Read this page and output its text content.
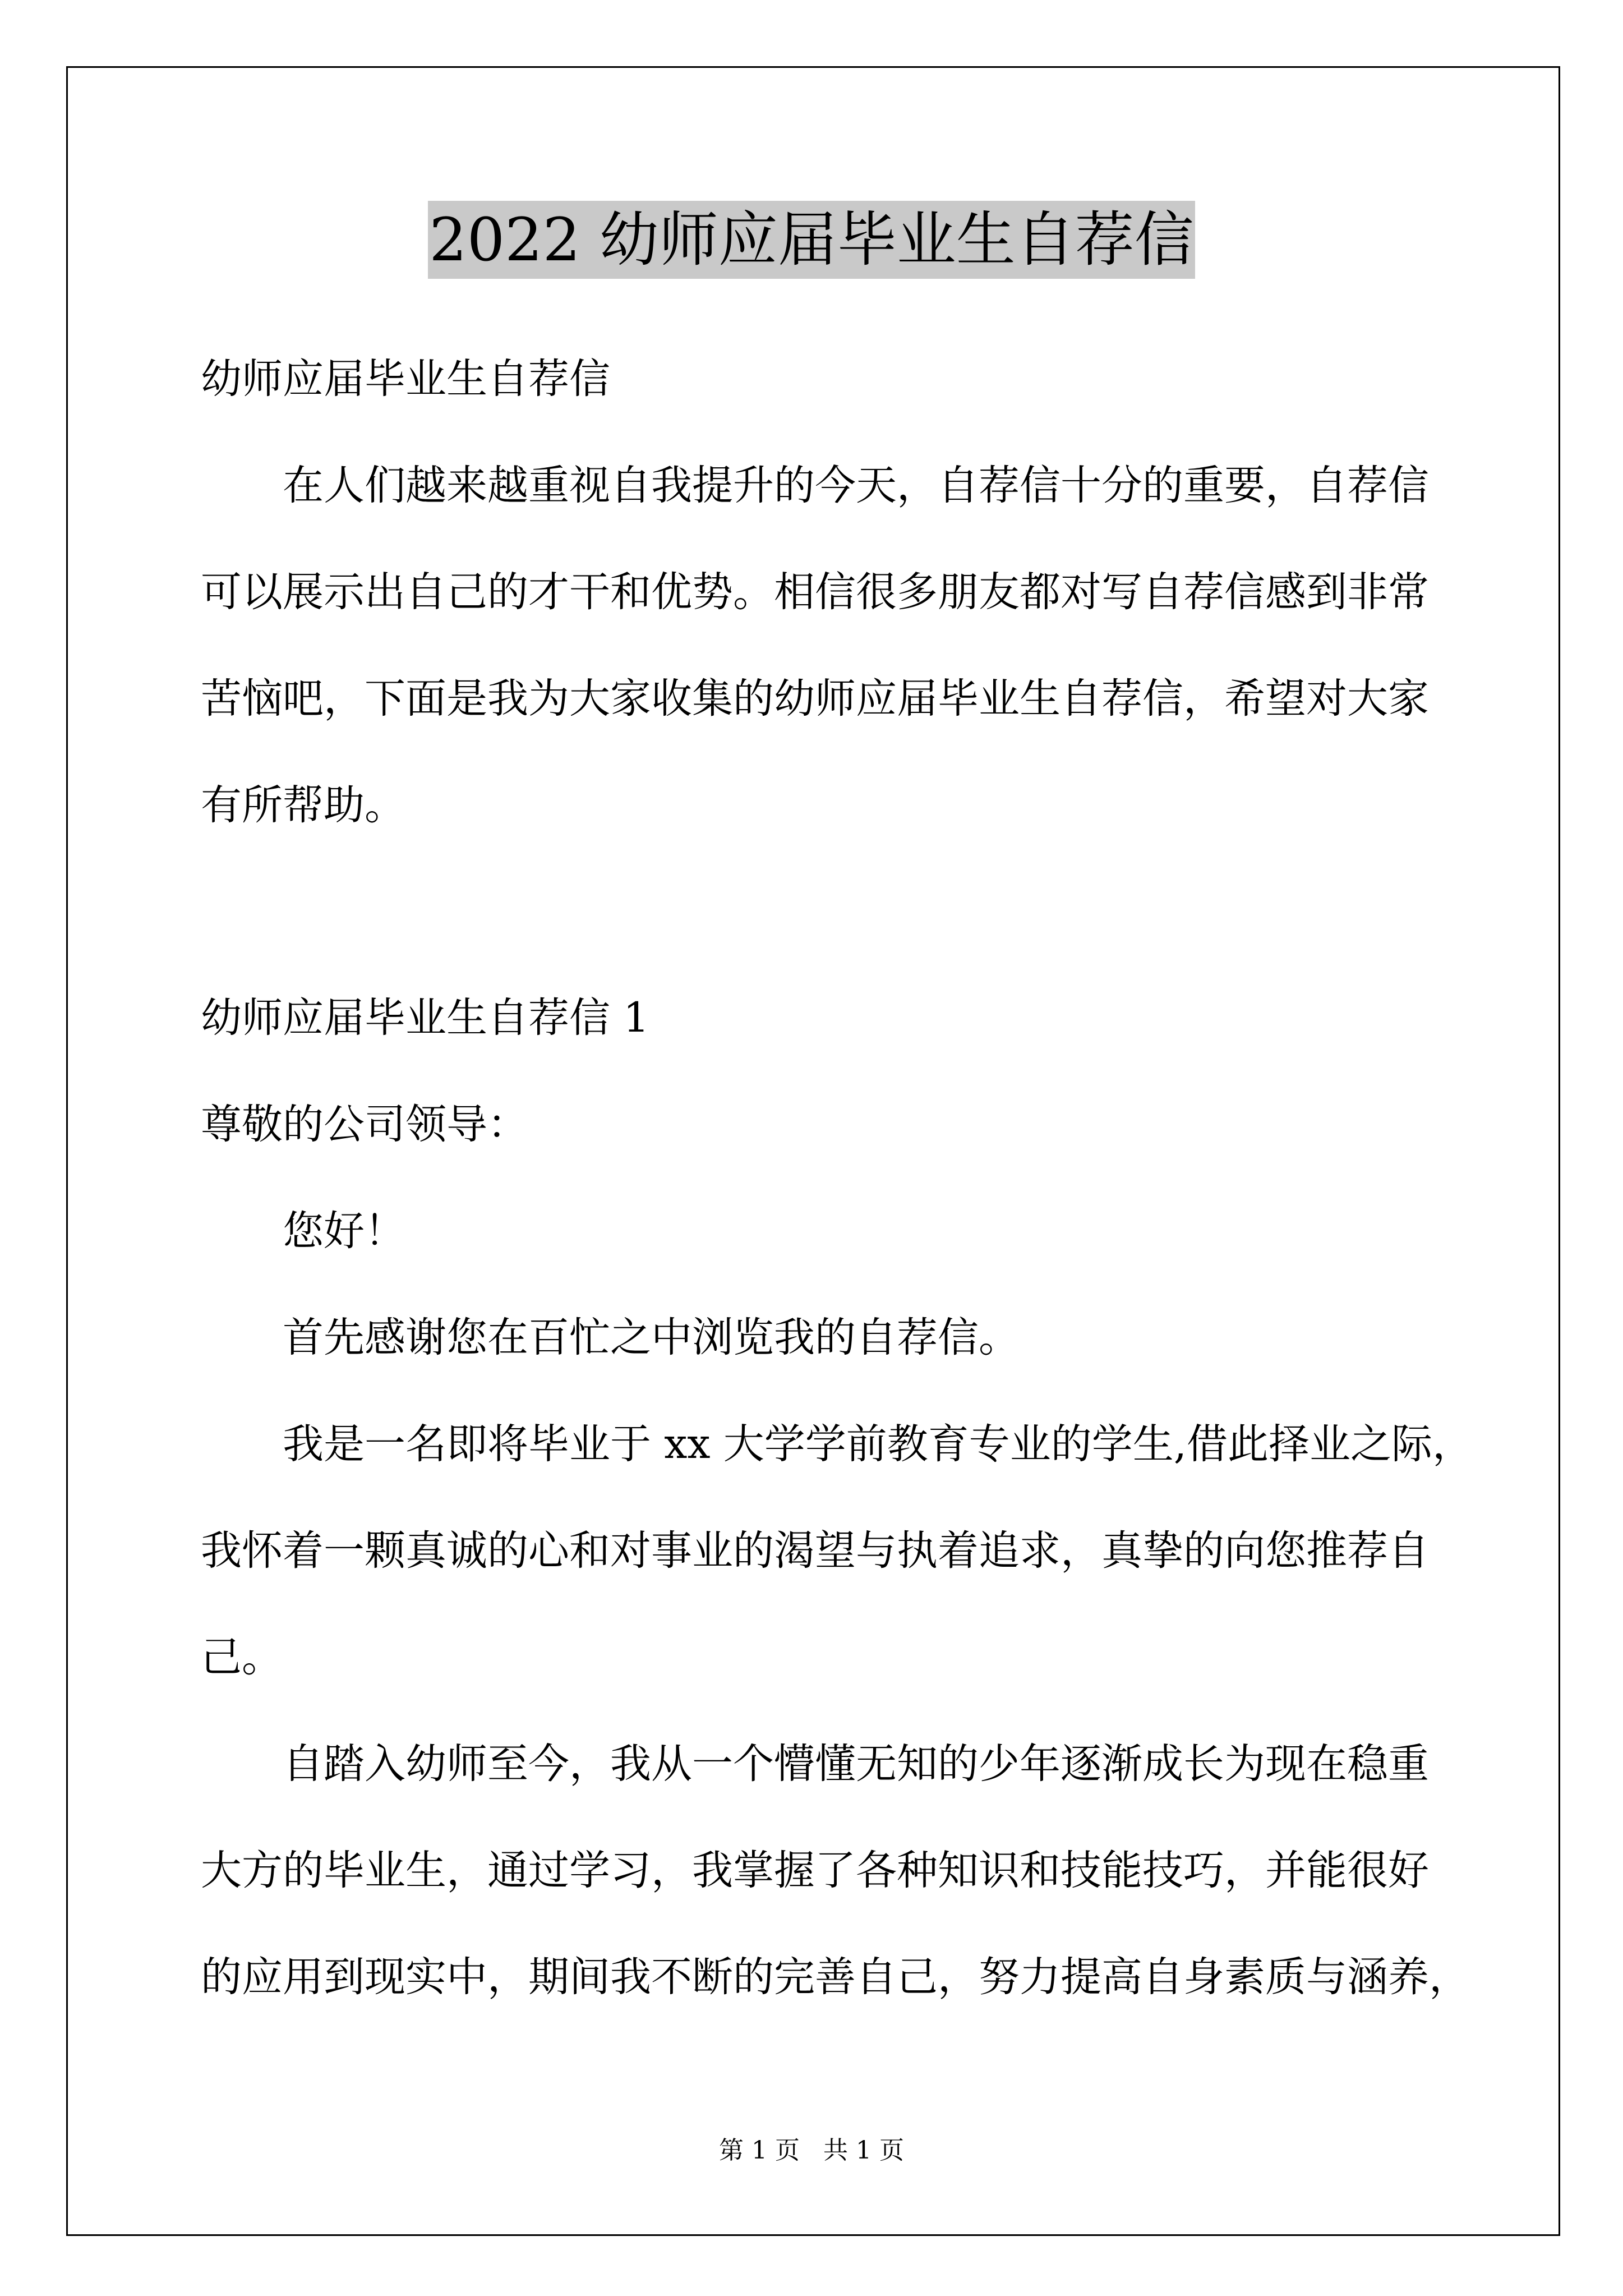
2022 幼师应届毕业生自荐信
幼师应届毕业生自荐信
在人们越来越重视自我提升的今天，自荐信十分的重要，自荐信
可以展示出自己的才干和优势。相信很多朋友都对写自荐信感到非常
苦恼吧，下面是我为大家收集的幼师应届毕业生自荐信，希望对大家
有所帮助。
幼师应届毕业生自荐信 1
尊敬的公司领导：
您好！
首先感谢您在百忙之中浏览我的自荐信。
我是一名即将毕业于 xx 大学学前教育专业的学生,借此择业之际，
我怀着一颗真诚的心和对事业的渴望与执着追求，真挚的向您推荐自
己。
自踏入幼师至今，我从一个懵懂无知的少年逐渐成长为现在稳重
大方的毕业生，通过学习，我掌握了各种知识和技能技巧，并能很好
的应用到现实中，期间我不断的完善自己，努力提高自身素质与涵养，
第 1 页   共 1 页
